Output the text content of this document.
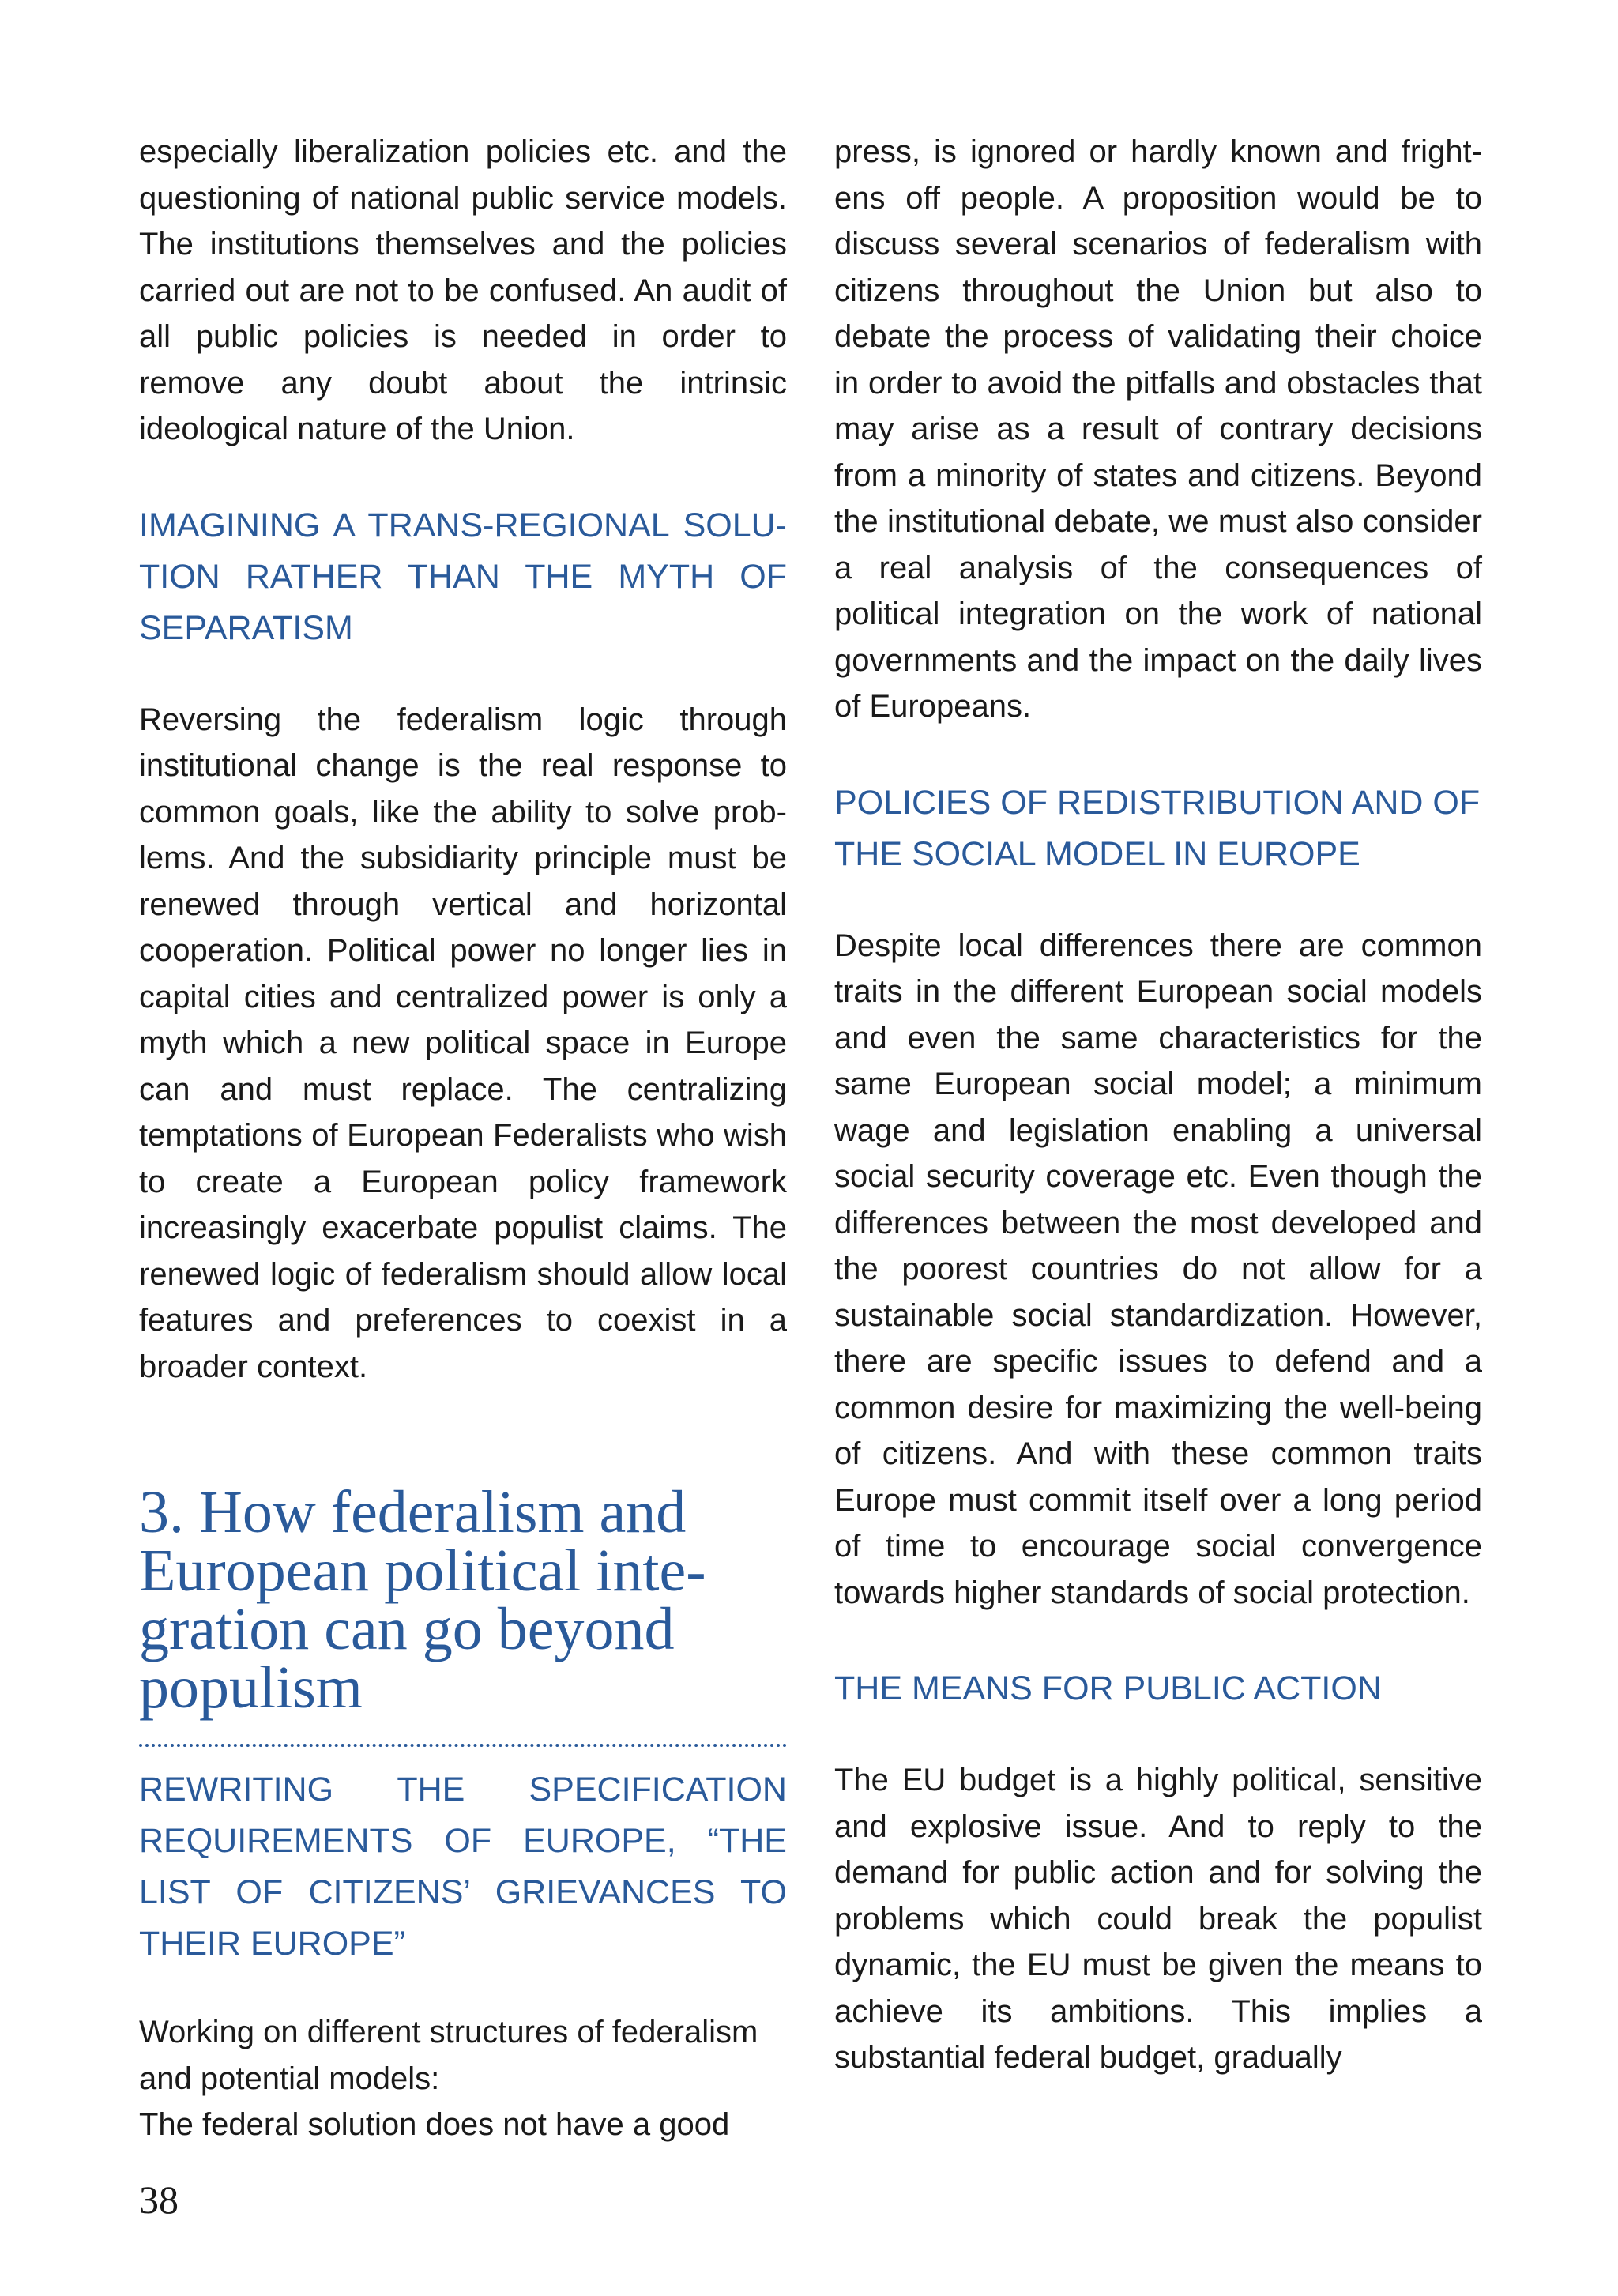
especially liberalization policies etc. and the questioning of national public service models. The institutions themselves and the policies carried out are not to be confused. An audit of all public policies is needed in order to remove any doubt about the intrinsic ideological nature of the Union.

IMAGINING A TRANS-REGIONAL SOLUTION RATHER THAN THE MYTH OF SEPARATISM

Reversing the federalism logic through institutional change is the real response to common goals, like the ability to solve problems. And the subsidiarity principle must be renewed through vertical and horizontal cooperation. Political power no longer lies in capital cities and centralized power is only a myth which a new political space in Europe can and must replace. The centralizing temptations of European Federalists who wish to create a European policy framework increasingly exacerbate populist claims. The renewed logic of federalism should allow local features and preferences to coexist in a broader context.

3. How federalism and European political integration can go beyond populism
REWRITING THE SPECIFICATION REQUIREMENTS OF EUROPE, “THE LIST OF CITIZENS’ GRIEVANCES TO THEIR EUROPE”

Working on different structures of federalism and potential models:

The federal solution does not have a good

press, is ignored or hardly known and frightens off people. A proposition would be to discuss several scenarios of federalism with citizens throughout the Union but also to debate the process of validating their choice in order to avoid the pitfalls and obstacles that may arise as a result of contrary decisions from a minority of states and citizens. Beyond the institutional debate, we must also consider a real analysis of the consequences of political integration on the work of national governments and the impact on the daily lives of Europeans.

POLICIES OF REDISTRIBUTION AND OF THE SOCIAL MODEL IN EUROPE

Despite local differences there are common traits in the different European social models and even the same characteristics for the same European social model; a minimum wage and legislation enabling a universal social security coverage etc. Even though the differences between the most developed and the poorest countries do not allow for a sustainable social standardization. However, there are specific issues to defend and a common desire for maximizing the well-being of citizens. And with these common traits Europe must commit itself over a long period of time to encourage social convergence towards higher standards of social protection.

THE MEANS FOR PUBLIC ACTION

The EU budget is a highly political, sensitive and explosive issue. And to reply to the demand for public action and for solving the problems which could break the populist dynamic, the EU must be given the means to achieve its ambitions. This implies a substantial federal budget, gradually

38
